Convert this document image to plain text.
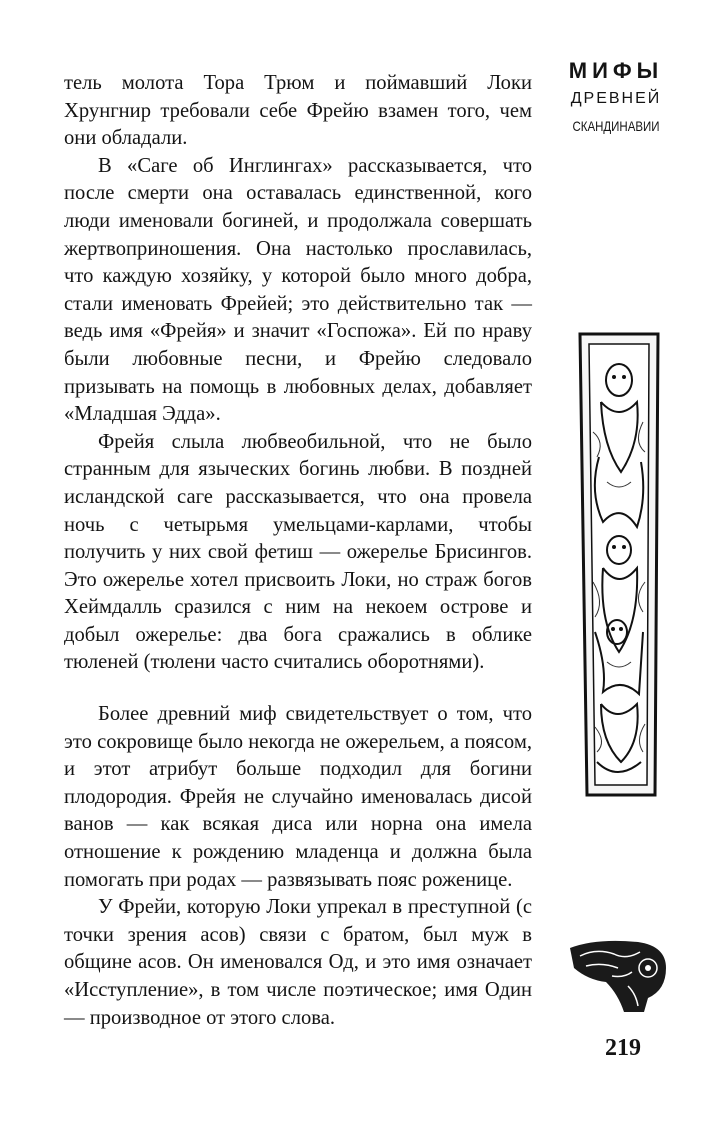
МИФЫ
ДРЕВНЕЙ
СКАНДИНАВИИ

тель молота Тора Трюм и поймавший Локи Хрунгнир требовали себе Фрейю взамен того, чем они обладали.

В «Саге об Инглингах» рассказывается, что после смерти она оставалась единственной, кого люди именовали богиней, и продолжала совершать жертвоприношения. Она настолько прославилась, что каждую хозяйку, у которой было много добра, стали именовать Фрейей; это действительно так — ведь имя «Фрейя» и значит «Госпожа». Ей по нраву были любовные песни, и Фрейю следовало призывать на помощь в любовных делах, добавляет «Младшая Эдда».

Фрейя слыла любвеобильной, что не было странным для языческих богинь любви. В поздней исландской саге рассказывается, что она провела ночь с четырьмя умельцами-карлами, чтобы получить у них свой фетиш — ожерелье Брисингов. Это ожерелье хотел присвоить Локи, но страж богов Хеймдалль сразился с ним на некоем острове и добыл ожерелье: два бога сражались в облике тюленей (тюлени часто считались оборотнями).

Более древний миф свидетельствует о том, что это сокровище было некогда не ожерельем, а поясом, и этот атрибут больше подходил для богини плодородия. Фрейя не случайно именовалась дисой ванов — как всякая диса или норна она имела отношение к рождению младенца и должна была помогать при родах — развязывать пояс роженице.

У Фрейи, которую Локи упрекал в преступной (с точки зрения асов) связи с братом, был муж в общине асов. Он именовался Од, и это имя означает «Исступление», в том числе поэтическое; имя Один — производное от этого слова.

219
